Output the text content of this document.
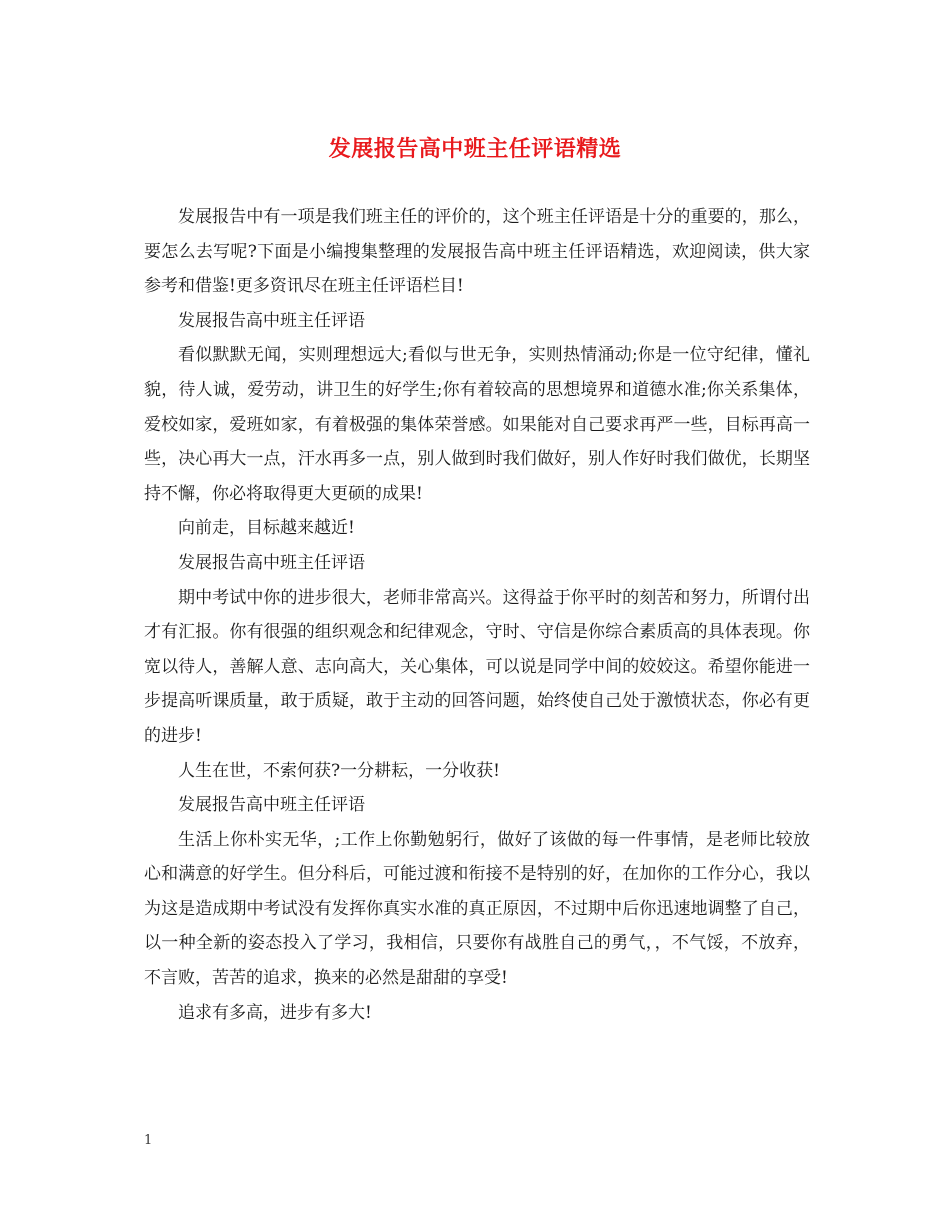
发展报告高中班主任评语精选

发展报告中有一项是我们班主任的评价的，这个班主任评语是十分的重要的，那么，要怎么去写呢?下面是小编搜集整理的发展报告高中班主任评语精选，欢迎阅读，供大家参考和借鉴!更多资讯尽在班主任评语栏目!

发展报告高中班主任评语

看似默默无闻，实则理想远大;看似与世无争，实则热情涌动;你是一位守纪律，懂礼貌，待人诚，爱劳动，讲卫生的好学生;你有着较高的思想境界和道德水准;你关系集体，爱校如家，爱班如家，有着极强的集体荣誉感。如果能对自己要求再严一些，目标再高一些，决心再大一点，汗水再多一点，别人做到时我们做好，别人作好时我们做优，长期坚持不懈，你必将取得更大更硕的成果!

向前走，目标越来越近!

发展报告高中班主任评语

期中考试中你的进步很大，老师非常高兴。这得益于你平时的刻苦和努力，所谓付出才有汇报。你有很强的组织观念和纪律观念，守时、守信是你综合素质高的具体表现。你宽以待人，善解人意、志向高大，关心集体，可以说是同学中间的姣姣这。希望你能进一步提高听课质量，敢于质疑，敢于主动的回答问题，始终使自己处于激愤状态，你必有更的进步!

人生在世，不索何获?一分耕耘，一分收获!

发展报告高中班主任评语

生活上你朴实无华，;工作上你勤勉躬行，做好了该做的每一件事情，是老师比较放心和满意的好学生。但分科后，可能过渡和衔接不是特别的好，在加你的工作分心，我以为这是造成期中考试没有发挥你真实水准的真正原因，不过期中后你迅速地调整了自己，以一种全新的姿态投入了学习，我相信，只要你有战胜自己的勇气，，不气馁，不放弃，不言败，苦苦的追求，换来的必然是甜甜的享受!

追求有多高，进步有多大!

1
